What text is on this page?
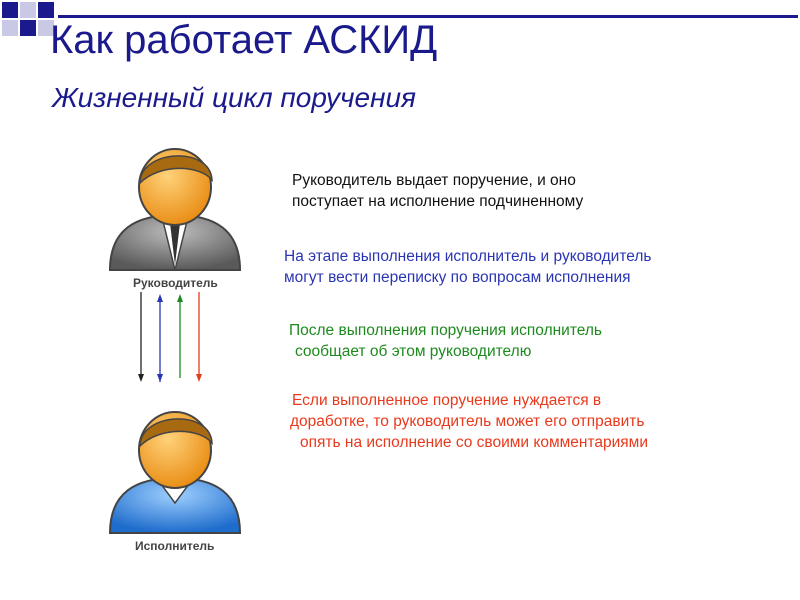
Как работает АСКИД
Жизненный цикл поручения
Руководитель
Исполнитель
Руководитель выдает поручение, и оно
поступает на исполнение подчиненному
На этапе выполнения исполнитель и руководитель
могут вести переписку по вопросам исполнения
После выполнения поручения исполнитель
сообщает об этом руководителю
Если выполненное поручение нуждается в
доработке, то руководитель может его отправить
опять на исполнение со своими комментариями
